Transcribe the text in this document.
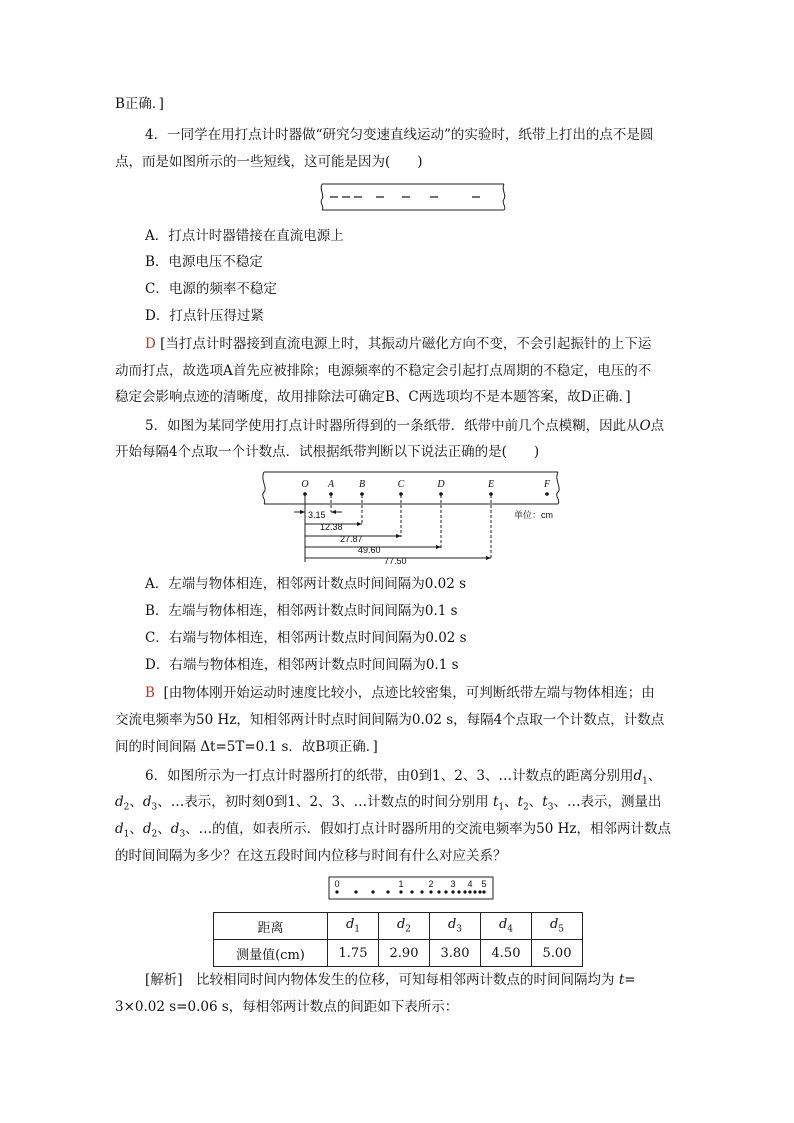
B正确．]
4．一同学在用打点计时器做“研究匀变速直线运动”的实验时，纸带上打出的点不是圆
点，而是如图所示的一些短线，这可能是因为(　　)
A．打点计时器错接在直流电源上
B．电源电压不稳定
C．电源的频率不稳定
D．打点针压得过紧
D [当打点计时器接到直流电源上时，其振动片磁化方向不变，不会引起振针的上下运
动而打点，故选项A首先应被排除；电源频率的不稳定会引起打点周期的不稳定，电压的不
稳定会影响点迹的清晰度，故用排除法可确定B、C两选项均不是本题答案，故D正确．]
5．如图为某同学使用打点计时器所得到的一条纸带．纸带中前几个点模糊，因此从O点
开始每隔4个点取一个计数点．试根据纸带判断以下说法正确的是(　　)
O A B	C	D	E	F
3.15
12.38
27.87
49.60
77.50
单位：cm
A．左端与物体相连，相邻两计数点时间间隔为0.02 s
B．左端与物体相连，相邻两计数点时间间隔为0.1 s
C．右端与物体相连，相邻两计数点时间间隔为0.02 s
D．右端与物体相连，相邻两计数点时间间隔为0.1 s
B [由物体刚开始运动时速度比较小，点迹比较密集，可判断纸带左端与物体相连；由
交流电频率为50 Hz，知相邻两计时点时间间隔为0.02 s，每隔4个点取一个计数点，计数点
间的时间间隔 Δt=5T=0.1 s．故B项正确．]
6．如图所示为一打点计时器所打的纸带，由0到1、2、3、…计数点的距离分别用$d_1$、
$d_2$、$d_3$、…表示，初时刻0到1、2、3、…计数点的时间分别用 $t_1$、$t_2$、$t_3$、…表示，测量出
$d_1$、$d_2$、$d_3$、…的值，如表所示．假如打点计时器所用的交流电频率为50 Hz，相邻两计数点
的时间间隔为多少？在这五段时间内位移与时间有什么对应关系？
0	1	2 3 4 5
距离	$d_1$	$d_2$	$d_3$	$d_4$	$d_5$
测量值(cm)	1.75	2.90	3.80	4.50	5.00
[解析]　比较相同时间内物体发生的位移，可知每相邻两计数点的时间间隔均为 t=
3×0.02 s=0.06 s，每相邻两计数点的间距如下表所示：
